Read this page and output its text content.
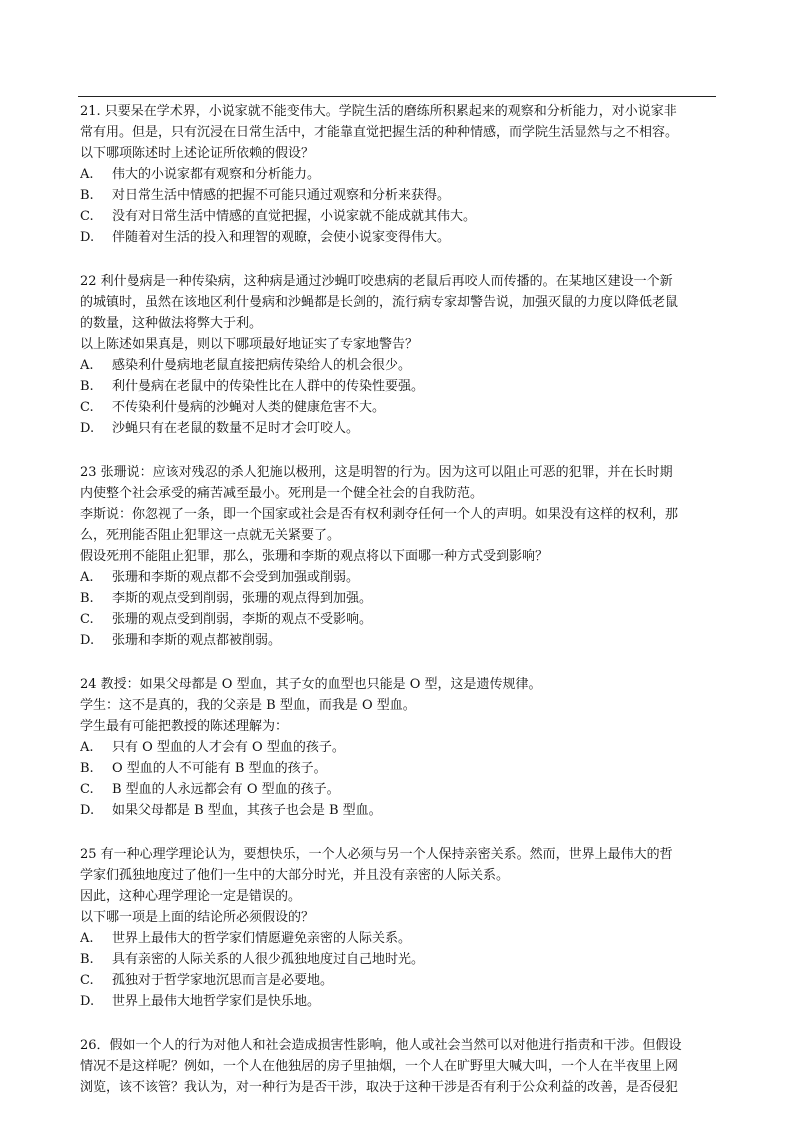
21. 只要呆在学术界，小说家就不能变伟大。学院生活的磨练所积累起来的观察和分析能力，对小说家非
常有用。但是，只有沉浸在日常生活中，才能靠直觉把握生活的种种情感，而学院生活显然与之不相容。
以下哪项陈述时上述论证所依赖的假设？
A. 伟大的小说家都有观察和分析能力。
B. 对日常生活中情感的把握不可能只通过观察和分析来获得。
C. 没有对日常生活中情感的直觉把握，小说家就不能成就其伟大。
D. 伴随着对生活的投入和理智的观瞭，会使小说家变得伟大。
22 利什曼病是一种传染病，这种病是通过沙蝇叮咬患病的老鼠后再咬人而传播的。在某地区建设一个新
的城镇时，虽然在该地区利什曼病和沙蝇都是长剑的，流行病专家却警告说，加强灭鼠的力度以降低老鼠
的数量，这种做法将弊大于利。
以上陈述如果真是，则以下哪项最好地证实了专家地警告？
A. 感染利什曼病地老鼠直接把病传染给人的机会很少。
B. 利什曼病在老鼠中的传染性比在人群中的传染性要强。
C. 不传染利什曼病的沙蝇对人类的健康危害不大。
D. 沙蝇只有在老鼠的数量不足时才会叮咬人。
23 张珊说：应该对残忍的杀人犯施以极刑，这是明智的行为。因为这可以阻止可恶的犯罪，并在长时期
内使整个社会承受的痛苦减至最小。死刑是一个健全社会的自我防范。
李斯说：你忽视了一条，即一个国家或社会是否有权利剥夺任何一个人的声明。如果没有这样的权利，那
么，死刑能否阻止犯罪这一点就无关紧要了。
假设死刑不能阻止犯罪，那么，张珊和李斯的观点将以下面哪一种方式受到影响？
A. 张珊和李斯的观点都不会受到加强或削弱。
B. 李斯的观点受到削弱，张珊的观点得到加强。
C. 张珊的观点受到削弱，李斯的观点不受影响。
D. 张珊和李斯的观点都被削弱。
24 教授：如果父母都是 O 型血，其子女的血型也只能是 O 型，这是遗传规律。
学生：这不是真的，我的父亲是 B 型血，而我是 O 型血。
学生最有可能把教授的陈述理解为：
A. 只有 O 型血的人才会有 O 型血的孩子。
B. O 型血的人不可能有 B 型血的孩子。
C. B 型血的人永远都会有 O 型血的孩子。
D. 如果父母都是 B 型血，其孩子也会是 B 型血。
25 有一种心理学理论认为，要想快乐，一个人必须与另一个人保持亲密关系。然而，世界上最伟大的哲
学家们孤独地度过了他们一生中的大部分时光，并且没有亲密的人际关系。
因此，这种心理学理论一定是错误的。
以下哪一项是上面的结论所必须假设的？
A. 世界上最伟大的哲学家们情愿避免亲密的人际关系。
B. 具有亲密的人际关系的人很少孤独地度过自己地时光。
C. 孤独对于哲学家地沉思而言是必要地。
D. 世界上最伟大地哲学家们是快乐地。
26．假如一个人的行为对他人和社会造成损害性影响，他人或社会当然可以对他进行指责和干涉。但假设
情况不是这样呢？例如，一个人在他独居的房子里抽烟，一个人在旷野里大喊大叫，一个人在半夜里上网
浏览，该不该管？我认为，对一种行为是否干涉，取决于这种干涉是否有利于公众利益的改善，是否侵犯
